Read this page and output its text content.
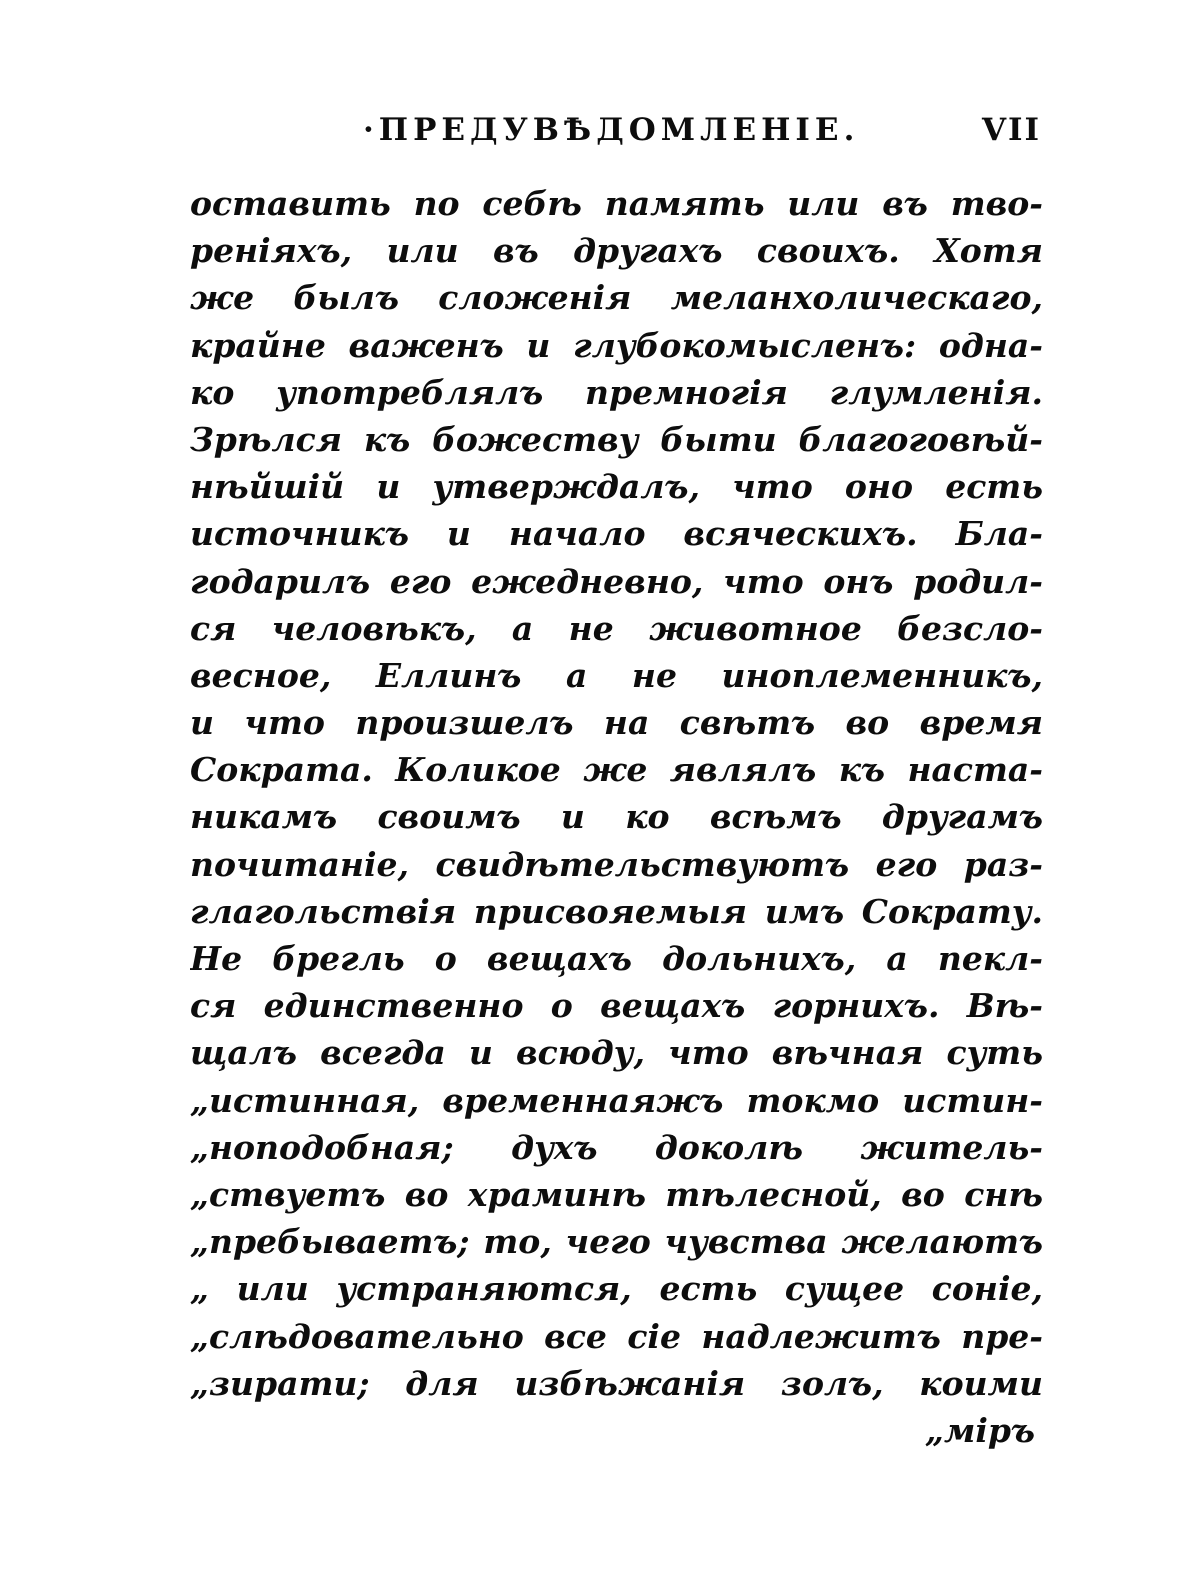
·ПРЕДУВѢДОМЛЕНІЕ.	VII
оставить по себѣ память или въ тво-
реніяхъ, или въ другахъ своихъ. Хотя
же былъ сложенія меланхолическаго,
крайне важенъ и глубокомысленъ: одна-
ко употреблялъ премногія глумленія.
Зрѣлся къ божеству быти благоговѣй-
нѣйшій и утверждалъ, что оно есть
источникъ и начало всяческихъ. Бла-
годарилъ его ежедневно, что онъ родил-
ся человѣкъ, а не животное безсло-
весное, Еллинъ а не иноплеменникъ,
и что произшелъ на свѣтъ во время
Сократа. Коликое же являлъ къ наста-
никамъ своимъ и ко всѣмъ другамъ
почитаніе, свидѣтельствуютъ его раз-
глагольствія присвояемыя имъ Сократу.
Не брегль о вещахъ дольнихъ, а пекл-
ся единственно о вещахъ горнихъ. Вѣ-
щалъ всегда и всюду, что вѣчная суть
„истинная, временнаяжъ токмо истин-
„ноподобная; духъ доколѣ житель-
„ствуетъ во храминѣ тѣлесной, во снѣ
„пребываетъ; то, чего чувства желаютъ
„ или устраняются, есть сущее соніе,
„слѣдовательно все сіе надлежитъ пре-
„зирати; для избѣжанія золъ, коими
„міръ
